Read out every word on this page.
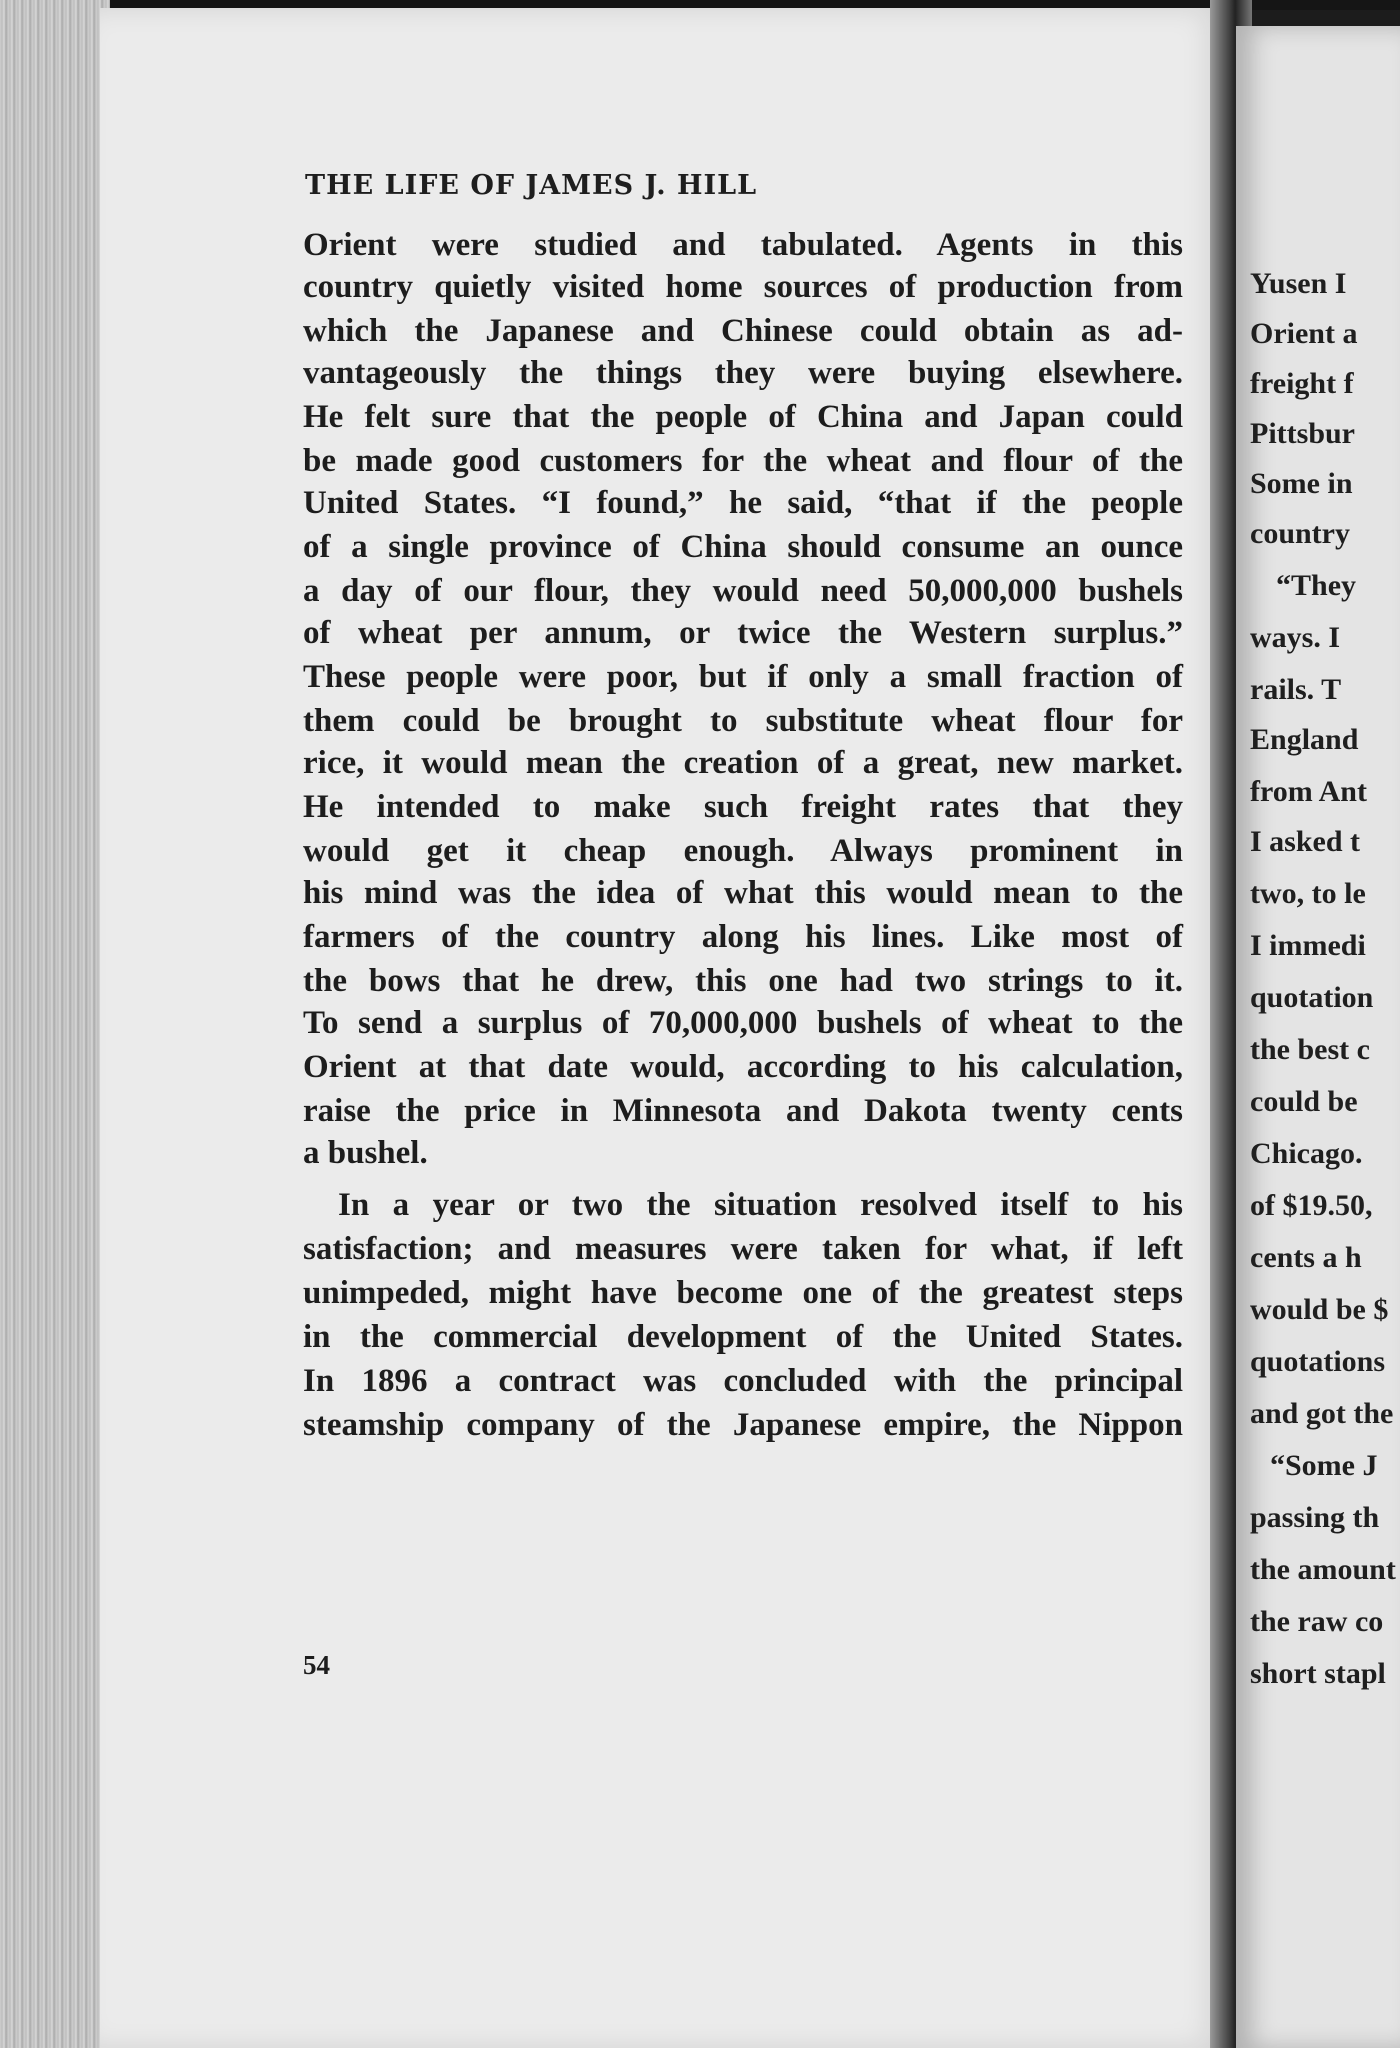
THE LIFE OF JAMES J. HILL
Orient were studied and tabulated. Agents in this
country quietly visited home sources of production from
which the Japanese and Chinese could obtain as ad-
vantageously the things they were buying elsewhere.
He felt sure that the people of China and Japan could
be made good customers for the wheat and flour of the
United States. “I found,” he said, “that if the people
of a single province of China should consume an ounce
a day of our flour, they would need 50,000,000 bushels
of wheat per annum, or twice the Western surplus.”
These people were poor, but if only a small fraction of
them could be brought to substitute wheat flour for
rice, it would mean the creation of a great, new market.
He intended to make such freight rates that they
would get it cheap enough. Always prominent in
his mind was the idea of what this would mean to the
farmers of the country along his lines. Like most of
the bows that he drew, this one had two strings to it.
To send a surplus of 70,000,000 bushels of wheat to the
Orient at that date would, according to his calculation,
raise the price in Minnesota and Dakota twenty cents
a bushel.
In a year or two the situation resolved itself to his
satisfaction; and measures were taken for what, if left
unimpeded, might have become one of the greatest steps
in the commercial development of the United States.
In 1896 a contract was concluded with the principal
steamship company of the Japanese empire, the Nippon
54
Yusen I
Orient a
freight f
Pittsbur
Some in
country
“They
ways. I
rails. T
England
from Ant
I asked t
two, to le
I immedi
quotation
the best c
could be
Chicago.
of $19.50,
cents a h
would be $
quotations
and got the
“Some J
passing th
the amount
the raw co
short stapl
